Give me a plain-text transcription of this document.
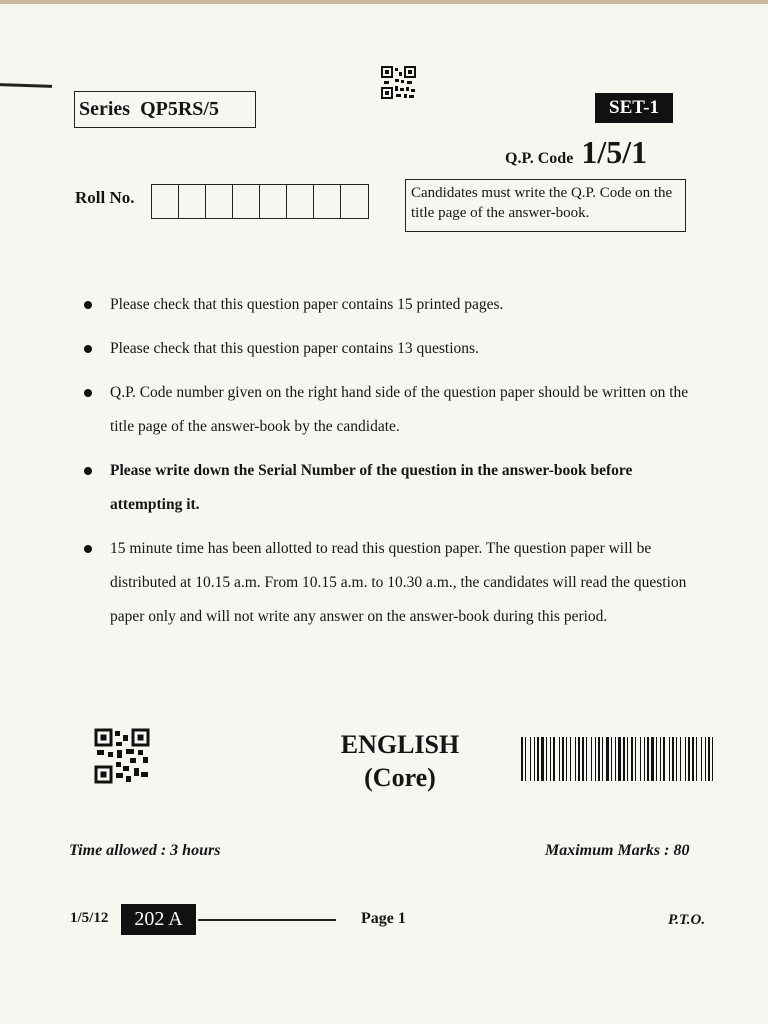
Series QP5RS/5	SET-1
Q.P. Code 1/5/1
Roll No.	Candidates must write the Q.P. Code on the title page of the answer-book.
Please check that this question paper contains 15 printed pages.
Please check that this question paper contains 13 questions.
Q.P. Code number given on the right hand side of the question paper should be written on the title page of the answer-book by the candidate.
Please write down the Serial Number of the question in the answer-book before attempting it.
15 minute time has been allotted to read this question paper. The question paper will be distributed at 10.15 a.m. From 10.15 a.m. to 10.30 a.m., the candidates will read the question paper only and will not write any answer on the answer-book during this period.
ENGLISH
(Core)
Time allowed : 3 hours	Maximum Marks : 80
1/5/12	202 A	Page 1	P.T.O.
